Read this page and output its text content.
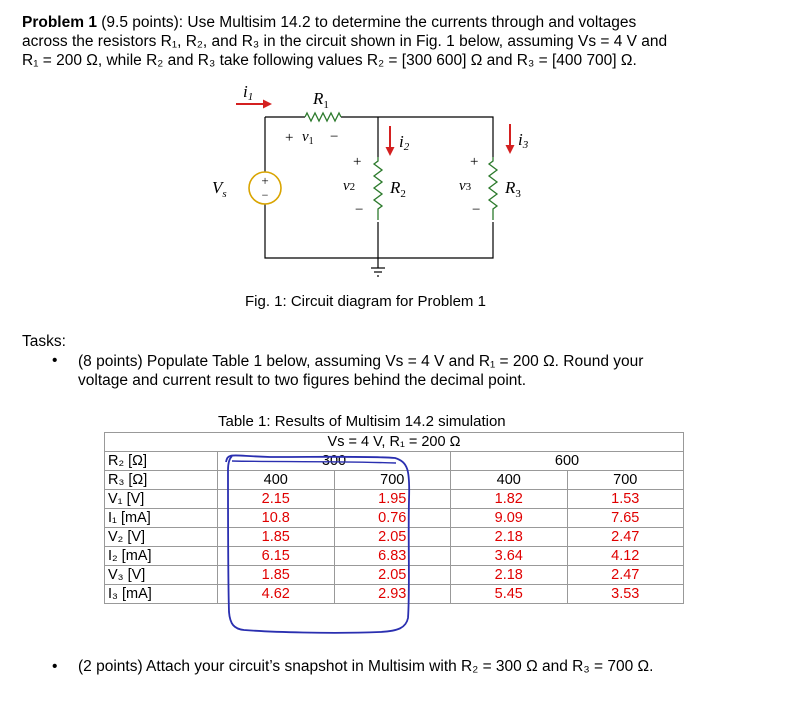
Problem 1 (9.5 points): Use Multisim 14.2 to determine the currents through and voltages
across the resistors R₁, R₂, and R₃ in the circuit shown in Fig. 1 below, assuming Vs = 4 V and
R₁ = 200 Ω, while R₂ and R₃ take following values R₂ = [300 600] Ω and R₃ = [400 700] Ω.
+
−
i1	$R_1$
+ $v_1$ −	i2	i3
+
v2
−
$R_2$
+
v3
−
$R_3$
$V_s$
Fig. 1: Circuit diagram for Problem 1
Tasks:
• (8 points) Populate Table 1 below, assuming Vs = 4 V and R₁ = 200 Ω. Round your
voltage and current result to two figures behind the decimal point.
Table 1: Results of Multisim 14.2 simulation
Vs = 4 V, R₁ = 200 Ω				
R₂ [Ω]	300		600	
R₃ [Ω]	400	700	400	700
V₁ [V]	2.15	1.95	1.82	1.53
I₁ [mA]	10.8	0.76	9.09	7.65
V₂ [V]	1.85	2.05	2.18	2.47
I₂ [mA]	6.15	6.83	3.64	4.12
V₃ [V]	1.85	2.05	2.18	2.47
I₃ [mA]	4.62	2.93	5.45	3.53
• (2 points) Attach your circuit’s snapshot in Multisim with R₂ = 300 Ω and R₃ = 700 Ω.
